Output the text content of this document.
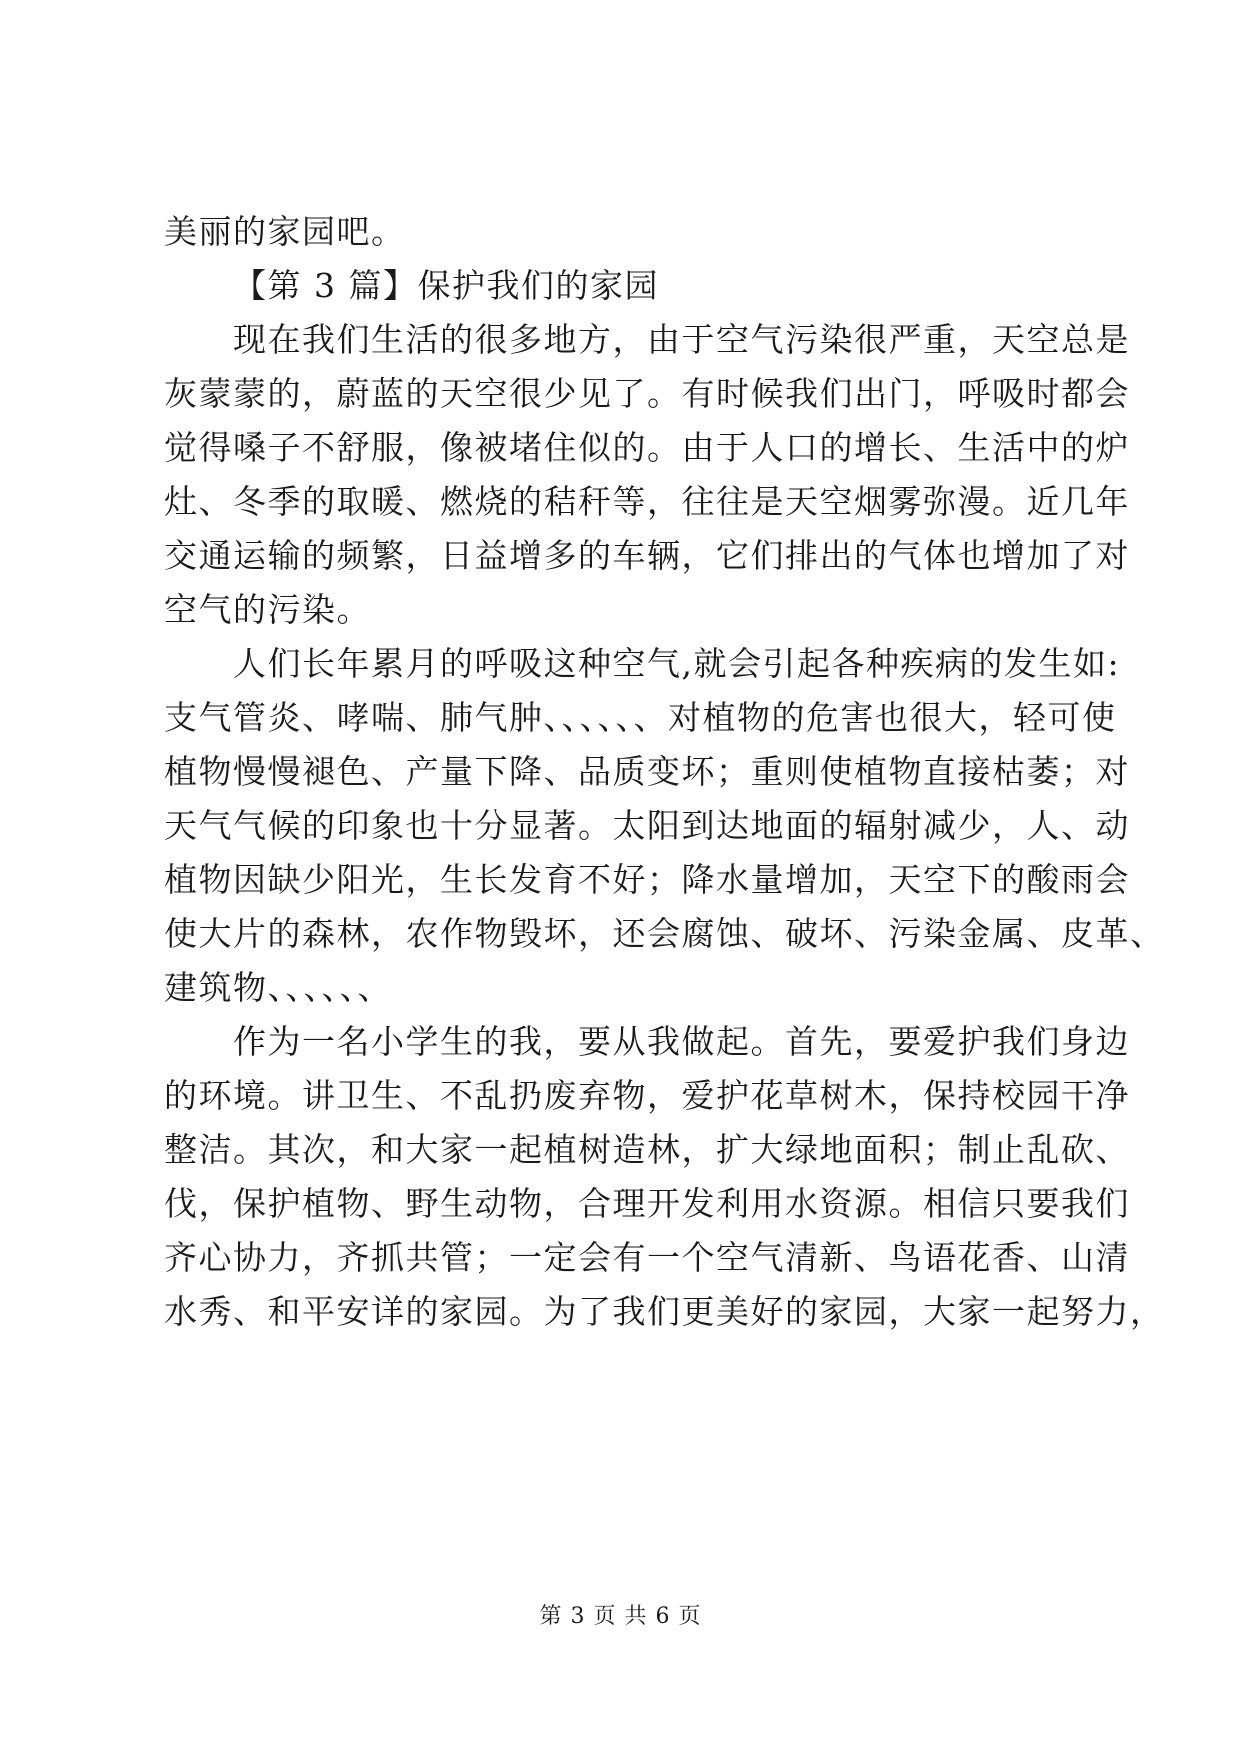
美丽的家园吧。
【第 3 篇】保护我们的家园
现在我们生活的很多地方，由于空气污染很严重，天空总是
灰蒙蒙的，蔚蓝的天空很少见了。有时候我们出门，呼吸时都会
觉得嗓子不舒服，像被堵住似的。由于人口的增长、生活中的炉
灶、冬季的取暖、燃烧的秸秆等，往往是天空烟雾弥漫。近几年
交通运输的频繁，日益增多的车辆，它们排出的气体也增加了对
空气的污染。
人们长年累月的呼吸这种空气,就会引起各种疾病的发生如:
支气管炎、哮喘、肺气肿、、、、、、对植物的危害也很大，轻可使
植物慢慢褪色、产量下降、品质变坏；重则使植物直接枯萎；对
天气气候的印象也十分显著。太阳到达地面的辐射减少，人、动
植物因缺少阳光，生长发育不好；降水量增加，天空下的酸雨会
使大片的森林，农作物毁坏，还会腐蚀、破坏、污染金属、皮革、
建筑物、、、、、、
作为一名小学生的我，要从我做起。首先，要爱护我们身边
的环境。讲卫生、不乱扔废弃物，爱护花草树木，保持校园干净
整洁。其次，和大家一起植树造林，扩大绿地面积；制止乱砍、
伐，保护植物、野生动物，合理开发利用水资源。相信只要我们
齐心协力，齐抓共管；一定会有一个空气清新、鸟语花香、山清
水秀、和平安详的家园。为了我们更美好的家园，大家一起努力，
第 3 页 共 6 页
